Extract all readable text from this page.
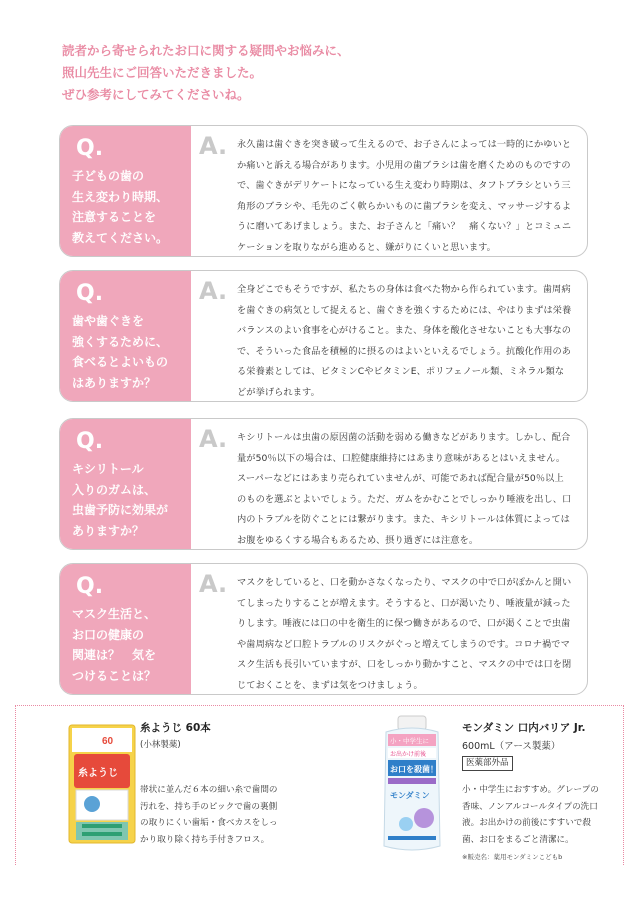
読者から寄せられたお口に関する疑問やお悩みに、
照山先生にご回答いただきました。
ぜひ参考にしてみてくださいね。
Q.
子どもの歯の
生え変わり時期、
注意することを
教えてください。
A. 永久歯は歯ぐきを突き破って生えるので、お子さんによっては一時的にかゆいとか痛いと訴える場合があります。小児用の歯ブラシは歯を磨くためのものですので、歯ぐきがデリケートになっている生え変わり時期は、タフトブラシという三角形のブラシや、毛先のごく軟らかいものに歯ブラシを変え、マッサージするように磨いてあげましょう。また、お子さんと「痛い？　痛くない？」とコミュニケーションを取りながら進めると、嫌がりにくいと思います。
Q.
歯や歯ぐきを
強くするために、
食べるとよいもの
はありますか？
A. 全身どこでもそうですが、私たちの身体は食べた物から作られています。歯周病を歯ぐきの病気として捉えると、歯ぐきを強くするためには、やはりまずは栄養バランスのよい食事を心がけること。また、身体を酸化させないことも大事なので、そういった食品を積極的に摂るのはよいといえるでしょう。抗酸化作用のある栄養素としては、ビタミンCやビタミンE、ポリフェノール類、ミネラル類などが挙げられます。
Q.
キシリトール
入りのガムは、
虫歯予防に効果が
ありますか？
A. キシリトールは虫歯の原因菌の活動を弱める働きなどがあります。しかし、配合量が50％以下の場合は、口腔健康維持にはあまり意味があるとはいえません。スーパーなどにはあまり売られていませんが、可能であれば配合量が50％以上のものを選ぶとよいでしょう。ただ、ガムをかむことでしっかり唾液を出し、口内のトラブルを防ぐことには繋がります。また、キシリトールは体質によってはお腹をゆるくする場合もあるため、摂り過ぎには注意を。
Q.
マスク生活と、
お口の健康の
関連は？　気を
つけることは？
A. マスクをしていると、口を動かさなくなったり、マスクの中で口がぽかんと開いてしまったりすることが増えます。そうすると、口が渇いたり、唾液量が減ったりします。唾液には口の中を衛生的に保つ働きがあるので、口が渇くことで虫歯や歯周病など口腔トラブルのリスクがぐっと増えてしまうのです。コロナ禍でマスク生活も長引いていますが、口をしっかり動かすこと、マスクの中では口を閉じておくことを、まずは気をつけましょう。
60
糸ようじ
糸ようじ 60本
(小林製薬)
帯状に並んだ６本の細い糸で歯間の
汚れを、持ち手のピックで歯の裏側
の取りにくい歯垢・食べカスをしっ
かり取り除く持ち手付きフロス。
小・中学生に
お出かけ前後
お口を殺菌！
モンダミン
モンダミン 口内バリア Jr.
600mL（アース製薬）
医薬部外品
小・中学生におすすめ。グレープの
香味、ノンアルコールタイプの洗口
液。お出かけの前後にすすいで殺
菌、お口をまるごと清潔に。
※販売名：薬用モンダミンこどもb
